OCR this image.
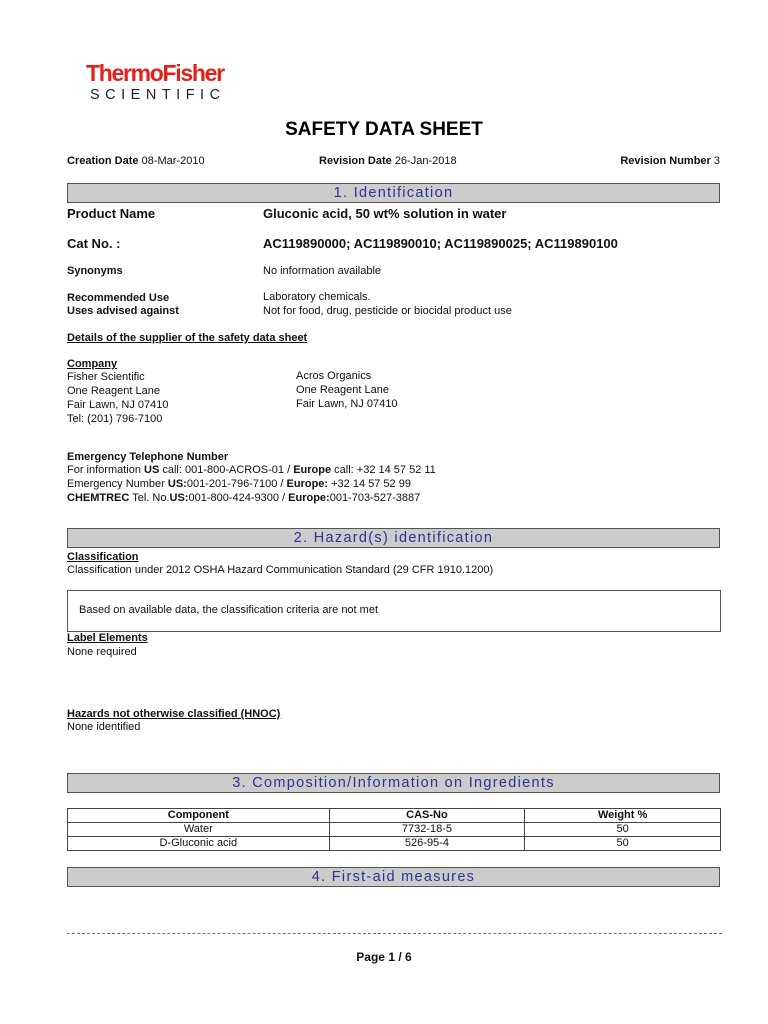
ThermoFisher
SCIENTIFIC
SAFETY DATA SHEET
Creation Date 08-Mar-2010	Revision Date 26-Jan-2018	Revision Number 3
1. Identification
Product Name	Gluconic acid, 50 wt% solution in water
Cat No. :	AC119890000; AC119890010; AC119890025; AC119890100
Synonyms	No information available
Recommended Use	Laboratory chemicals.
Uses advised against	Not for food, drug, pesticide or biocidal product use
Details of the supplier of the safety data sheet
Company
Fisher Scientific
One Reagent Lane
Fair Lawn, NJ 07410
Tel: (201) 796-7100
Acros Organics
One Reagent Lane
Fair Lawn, NJ 07410
Emergency Telephone Number
For information US call: 001-800-ACROS-01 / Europe call: +32 14 57 52 11
Emergency Number US:001-201-796-7100 / Europe: +32 14 57 52 99
CHEMTREC Tel. No.US:001-800-424-9300 / Europe:001-703-527-3887
2. Hazard(s) identification
Classification
Classification under 2012 OSHA Hazard Communication Standard (29 CFR 1910.1200)
Based on available data, the classification criteria are not met
Label Elements
None required
Hazards not otherwise classified (HNOC)
None identified
3. Composition/Information on Ingredients
Component	CAS-No	Weight %
Water	7732-18-5	50
D-Gluconic acid	526-95-4	50
4. First-aid measures
Page 1 / 6
